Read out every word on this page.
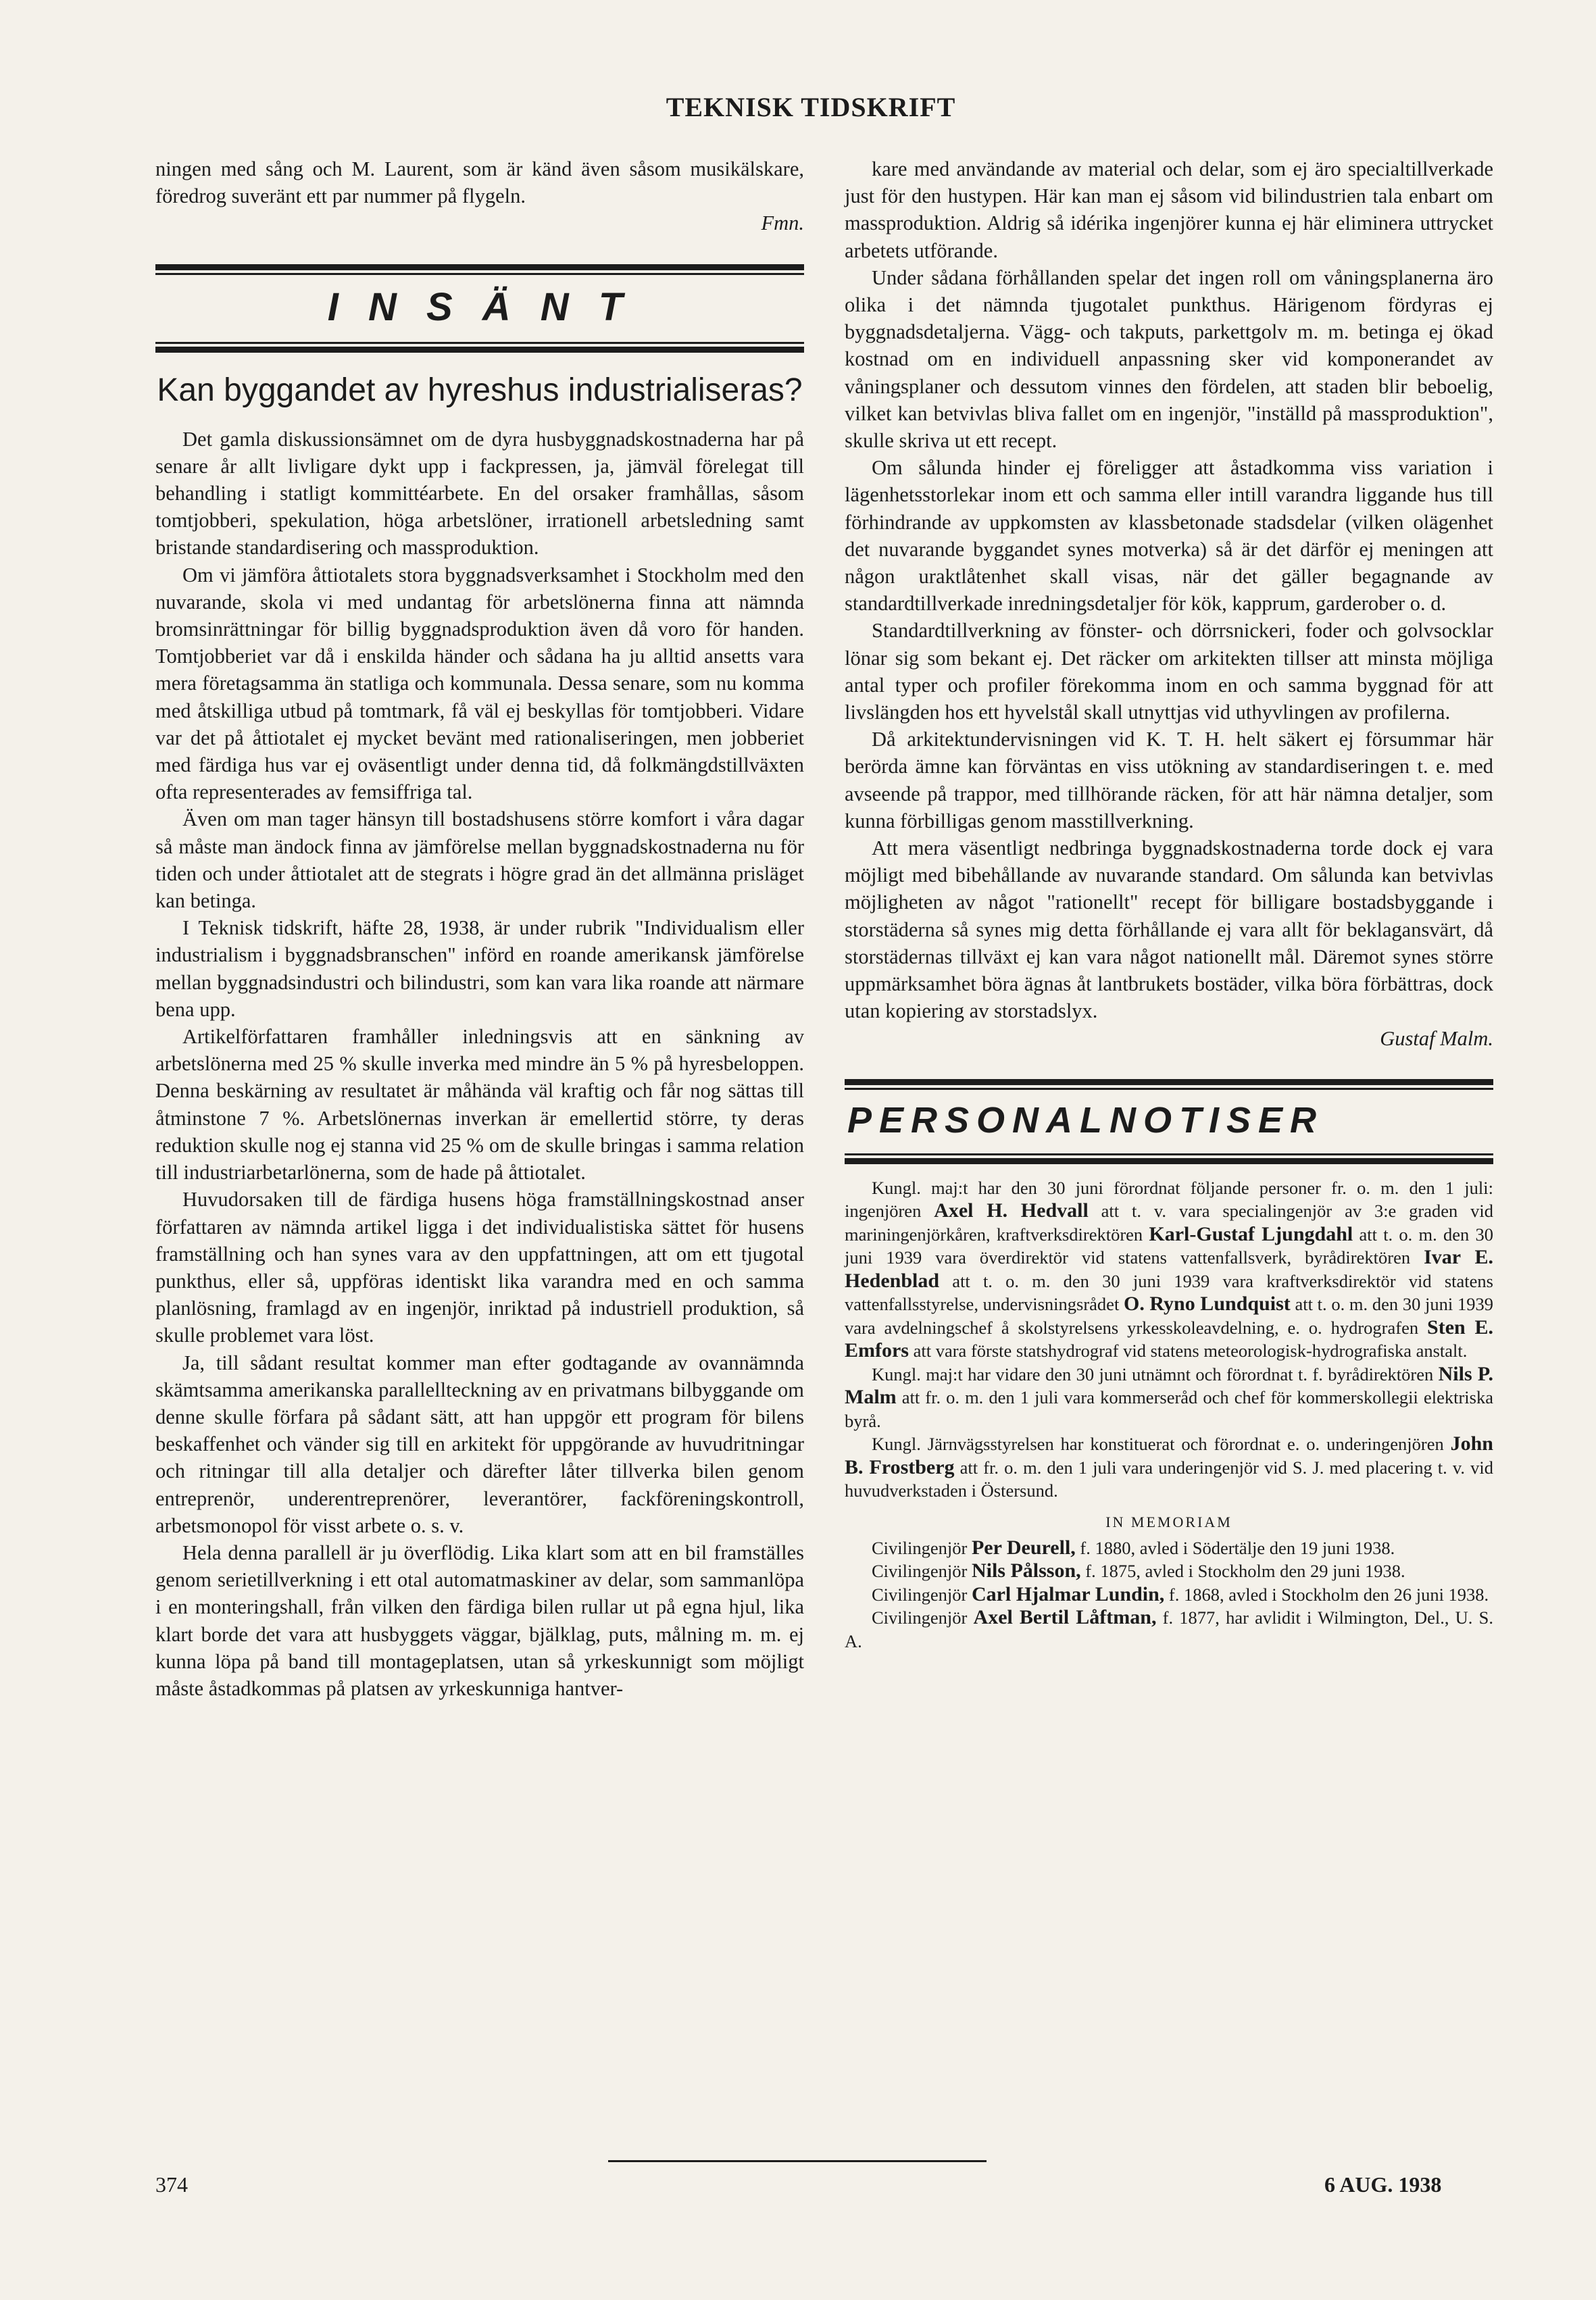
TEKNISK TIDSKRIFT

ningen med sång och M. Laurent, som är känd även såsom musikälskare, föredrog suveränt ett par nummer på flygeln.

Fmn.

I N S Ä N T
Kan byggandet av hyreshus industrialiseras?

Det gamla diskussionsämnet om de dyra husbyggnadskostnaderna har på senare år allt livligare dykt upp i fackpressen, ja, jämväl förelegat till behandling i statligt kommittéarbete. En del orsaker framhållas, såsom tomtjobberi, spekulation, höga arbetslöner, irrationell arbetsledning samt bristande standardisering och massproduktion.

Om vi jämföra åttiotalets stora byggnadsverksamhet i Stockholm med den nuvarande, skola vi med undantag för arbetslönerna finna att nämnda bromsinrättningar för billig byggnadsproduktion även då voro för handen. Tomtjobberiet var då i enskilda händer och sådana ha ju alltid ansetts vara mera företagsamma än statliga och kommunala. Dessa senare, som nu komma med åtskilliga utbud på tomtmark, få väl ej beskyllas för tomtjobberi. Vidare var det på åttiotalet ej mycket bevänt med rationaliseringen, men jobberiet med färdiga hus var ej oväsentligt under denna tid, då folkmängdstillväxten ofta representerades av femsiffriga tal.

Även om man tager hänsyn till bostadshusens större komfort i våra dagar så måste man ändock finna av jämförelse mellan byggnadskostnaderna nu för tiden och under åttiotalet att de stegrats i högre grad än det allmänna prisläget kan betinga.

I Teknisk tidskrift, häfte 28, 1938, är under rubrik "Individualism eller industrialism i byggnadsbranschen" införd en roande amerikansk jämförelse mellan byggnadsindustri och bilindustri, som kan vara lika roande att närmare bena upp.

Artikelförfattaren framhåller inledningsvis att en sänkning av arbetslönerna med 25 % skulle inverka med mindre än 5 % på hyresbeloppen. Denna beskärning av resultatet är måhända väl kraftig och får nog sättas till åtminstone 7 %. Arbetslönernas inverkan är emellertid större, ty deras reduktion skulle nog ej stanna vid 25 % om de skulle bringas i samma relation till industriarbetarlönerna, som de hade på åttiotalet.

Huvudorsaken till de färdiga husens höga framställningskostnad anser författaren av nämnda artikel ligga i det individualistiska sättet för husens framställning och han synes vara av den uppfattningen, att om ett tjugotal punkthus, eller så, uppföras identiskt lika varandra med en och samma planlösning, framlagd av en ingenjör, inriktad på industriell produktion, så skulle problemet vara löst.

Ja, till sådant resultat kommer man efter godtagande av ovannämnda skämtsamma amerikanska parallellteckning av en privatmans bilbyggande om denne skulle förfara på sådant sätt, att han uppgör ett program för bilens beskaffenhet och vänder sig till en arkitekt för uppgörande av huvudritningar och ritningar till alla detaljer och därefter låter tillverka bilen genom entreprenör, underentreprenörer, leverantörer, fackföreningskontroll, arbetsmonopol för visst arbete o. s. v.

Hela denna parallell är ju överflödig. Lika klart som att en bil framställes genom serietillverkning i ett otal automatmaskiner av delar, som sammanlöpa i en monteringshall, från vilken den färdiga bilen rullar ut på egna hjul, lika klart borde det vara att husbyggets väggar, bjälklag, puts, målning m. m. ej kunna löpa på band till montageplatsen, utan så yrkeskunnigt som möjligt måste åstadkommas på platsen av yrkeskunniga hantver-

kare med användande av material och delar, som ej äro specialtillverkade just för den hustypen. Här kan man ej såsom vid bilindustrien tala enbart om massproduktion. Aldrig så idérika ingenjörer kunna ej här eliminera uttrycket arbetets utförande.

Under sådana förhållanden spelar det ingen roll om våningsplanerna äro olika i det nämnda tjugotalet punkthus. Härigenom fördyras ej byggnadsdetaljerna. Vägg- och takputs, parkettgolv m. m. betinga ej ökad kostnad om en individuell anpassning sker vid komponerandet av våningsplaner och dessutom vinnes den fördelen, att staden blir beboelig, vilket kan betvivlas bliva fallet om en ingenjör, "inställd på massproduktion", skulle skriva ut ett recept.

Om sålunda hinder ej föreligger att åstadkomma viss variation i lägenhetsstorlekar inom ett och samma eller intill varandra liggande hus till förhindrande av uppkomsten av klassbetonade stadsdelar (vilken olägenhet det nuvarande byggandet synes motverka) så är det därför ej meningen att någon uraktlåtenhet skall visas, när det gäller begagnande av standardtillverkade inredningsdetaljer för kök, kapprum, garderober o. d.

Standardtillverkning av fönster- och dörrsnickeri, foder och golvsocklar lönar sig som bekant ej. Det räcker om arkitekten tillser att minsta möjliga antal typer och profiler förekomma inom en och samma byggnad för att livslängden hos ett hyvelstål skall utnyttjas vid uthyvlingen av profilerna.

Då arkitektundervisningen vid K. T. H. helt säkert ej försummar här berörda ämne kan förväntas en viss utökning av standardiseringen t. e. med avseende på trappor, med tillhörande räcken, för att här nämna detaljer, som kunna förbilligas genom masstillverkning.

Att mera väsentligt nedbringa byggnadskostnaderna torde dock ej vara möjligt med bibehållande av nuvarande standard. Om sålunda kan betvivlas möjligheten av något "rationellt" recept för billigare bostadsbyggande i storstäderna så synes mig detta förhållande ej vara allt för beklagansvärt, då storstädernas tillväxt ej kan vara något nationellt mål. Däremot synes större uppmärksamhet böra ägnas åt lantbrukets bostäder, vilka böra förbättras, dock utan kopiering av storstadslyx.

Gustaf Malm.

PERSONALNOTISER

Kungl. maj:t har den 30 juni förordnat följande personer fr. o. m. den 1 juli: ingenjören Axel H. Hedvall att t. v. vara specialingenjör av 3:e graden vid mariningenjörkåren, kraftverksdirektören Karl-Gustaf Ljungdahl att t. o. m. den 30 juni 1939 vara överdirektör vid statens vattenfallsverk, byrådirektören Ivar E. Hedenblad att t. o. m. den 30 juni 1939 vara kraftverksdirektör vid statens vattenfallsstyrelse, undervisningsrådet O. Ryno Lundquist att t. o. m. den 30 juni 1939 vara avdelningschef å skolstyrelsens yrkesskoleavdelning, e. o. hydrografen Sten E. Emfors att vara förste statshydrograf vid statens meteorologisk-hydrografiska anstalt.

Kungl. maj:t har vidare den 30 juni utnämnt och förordnat t. f. byrådirektören Nils P. Malm att fr. o. m. den 1 juli vara kommerseråd och chef för kommerskollegii elektriska byrå.

Kungl. Järnvägsstyrelsen har konstituerat och förordnat e. o. underingenjören John B. Frostberg att fr. o. m. den 1 juli vara underingenjör vid S. J. med placering t. v. vid huvudverkstaden i Östersund.

IN MEMORIAM

Civilingenjör Per Deurell, f. 1880, avled i Södertälje den 19 juni 1938.

Civilingenjör Nils Pålsson, f. 1875, avled i Stockholm den 29 juni 1938.

Civilingenjör Carl Hjalmar Lundin, f. 1868, avled i Stockholm den 26 juni 1938.

Civilingenjör Axel Bertil Låftman, f. 1877, har avlidit i Wilmington, Del., U. S. A.

374	6 AUG. 1938
